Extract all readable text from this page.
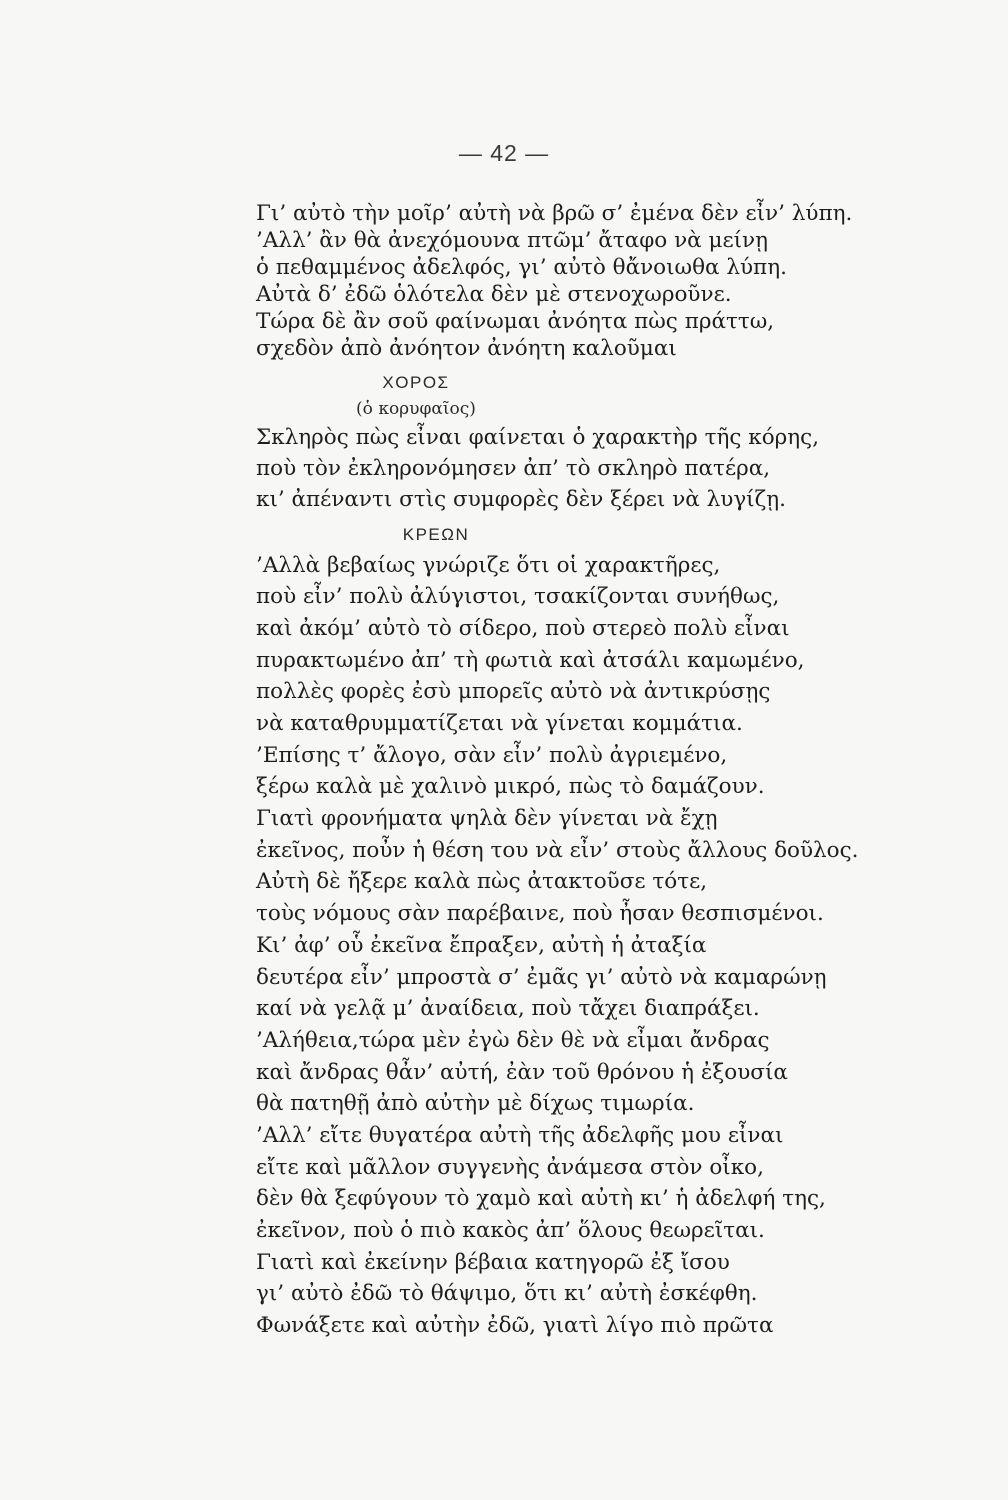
— 42 —
Γι’ αὐτὸ τὴν μοῖρ’ αὐτὴ νὰ βρῶ σ’ ἐμένα δὲν εἶν’ λύπη.
’Αλλ’ ἂν θὰ ἀνεχόμουνα πτῶμ’ ἄταφο νὰ μείνῃ
ὁ πεθαμμένος ἀδελφός, γι’ αὐτὸ θἄνοιωθα λύπη.
Αὐτὰ δ’ ἐδῶ ὁλότελα δὲν μὲ στενοχωροῦνε.
Τώρα δὲ ἂν σοῦ φαίνωμαι ἀνόητα πὼς πράττω,
σχεδὸν ἀπὸ ἀνόητον ἀνόητη καλοῦμαι
ΧΟΡΟΣ
(ὁ κορυφαῖος)
Σκληρὸς πὼς εἶναι φαίνεται ὁ χαρακτὴρ τῆς κόρης,
ποὺ τὸν ἐκληρονόμησεν ἀπ’ τὸ σκληρὸ πατέρα,
κι’ ἀπέναντι στὶς συμφορὲς δὲν ξέρει νὰ λυγίζῃ.
ΚΡΕΩΝ
’Αλλὰ βεβαίως γνώριζε ὅτι οἱ χαρακτῆρες,
ποὺ εἶν’ πολὺ ἀλύγιστοι, τσακίζονται συνήθως,
καὶ ἀκόμ’ αὐτὸ τὸ σίδερο, ποὺ στερεὸ πολὺ εἶναι
πυρακτωμένο ἀπ’ τὴ φωτιὰ καὶ ἀτσάλι καμωμένο,
πολλὲς φορὲς ἐσὺ μπορεῖς αὐτὸ νὰ ἀντικρύσῃς
νὰ καταθρυμματίζεται νὰ γίνεται κομμάτια.
’Επίσης τ’ ἄλογο, σὰν εἶν’ πολὺ ἀγριεμένο,
ξέρω καλὰ μὲ χαλινὸ μικρό, πὼς τὸ δαμάζουν.
Γιατὶ φρονήματα ψηλὰ δὲν γίνεται νὰ ἔχῃ
ἐκεῖνος, ποὖν ἡ θέση του νὰ εἶν’ στοὺς ἄλλους δοῦλος.
Αὐτὴ δὲ ἤξερε καλὰ πὼς ἀτακτοῦσε τότε,
τοὺς νόμους σὰν παρέβαινε, ποὺ ἦσαν θεσπισμένοι.
Κι’ ἀφ’ οὗ ἐκεῖνα ἔπραξεν, αὐτὴ ἡ ἀταξία
δευτέρα εἶν’ μπροστὰ σ’ ἐμᾶς γι’ αὐτὸ νὰ καμαρώνῃ
καί νὰ γελᾷ μ’ ἀναίδεια, ποὺ τἄχει διαπράξει.
’Αλήθεια,τώρα μὲν ἐγὼ δὲν θὲ νὰ εἶμαι ἄνδρας
καὶ ἄνδρας θἆν’ αὐτή, ἐὰν τοῦ θρόνου ἡ ἐξουσία
θὰ πατηθῇ ἀπὸ αὐτὴν μὲ δίχως τιμωρία.
’Αλλ’ εἴτε θυγατέρα αὐτὴ τῆς ἀδελφῆς μου εἶναι
εἴτε καὶ μᾶλλον συγγενὴς ἀνάμεσα στὸν οἶκο,
δὲν θὰ ξεφύγουν τὸ χαμὸ καὶ αὐτὴ κι’ ἡ ἀδελφή της,
ἐκεῖνον, ποὺ ὁ πιὸ κακὸς ἀπ’ ὅλους θεωρεῖται.
Γιατὶ καὶ ἐκείνην βέβαια κατηγορῶ ἐξ ἴσου
γι’ αὐτὸ ἐδῶ τὸ θάψιμο, ὅτι κι’ αὐτὴ ἐσκέφθη.
Φωνάξετε καὶ αὐτὴν ἐδῶ, γιατὶ λίγο πιὸ πρῶτα
